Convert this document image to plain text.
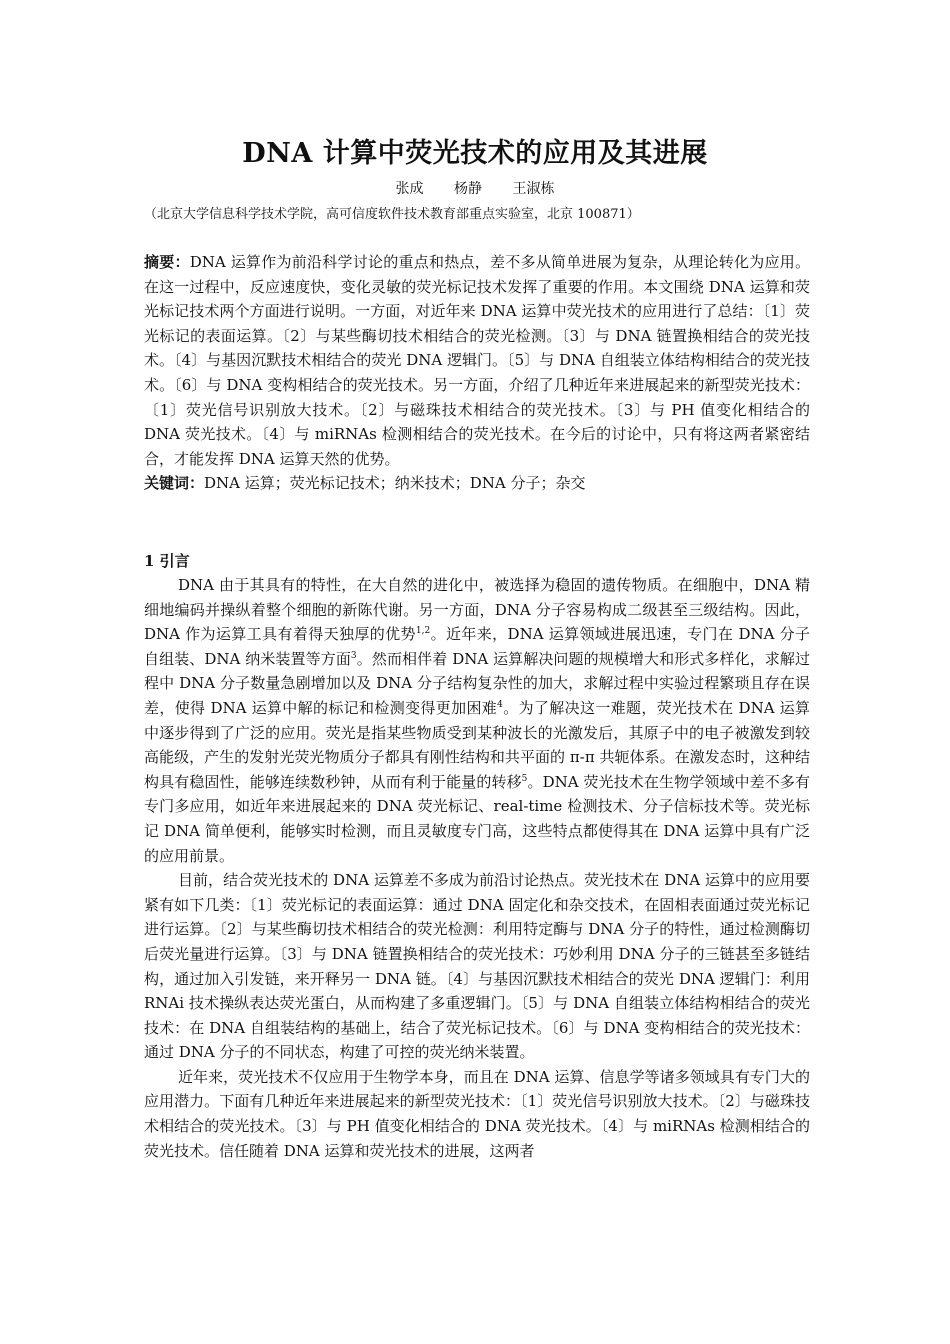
DNA 计算中荧光技术的应用及其进展
张成 杨静 王淑栋
（北京大学信息科学技术学院，高可信度软件技术教育部重点实验室，北京 100871）

摘要：DNA 运算作为前沿科学讨论的重点和热点，差不多从简单进展为复杂，从理论转化为应用。在这一过程中，反应速度快，变化灵敏的荧光标记技术发挥了重要的作用。本文围绕 DNA 运算和荧光标记技术两个方面进行说明。一方面，对近年来 DNA 运算中荧光技术的应用进行了总结：〔1〕荧光标记的表面运算。〔2〕与某些酶切技术相结合的荧光检测。〔3〕与 DNA 链置换相结合的荧光技术。〔4〕与基因沉默技术相结合的荧光 DNA 逻辑门。〔5〕与 DNA 自组装立体结构相结合的荧光技术。〔6〕与 DNA 变构相结合的荧光技术。另一方面，介绍了几种近年来进展起来的新型荧光技术：〔1〕荧光信号识别放大技术。〔2〕与磁珠技术相结合的荧光技术。〔3〕与 PH 值变化相结合的 DNA 荧光技术。〔4〕与 miRNAs 检测相结合的荧光技术。在今后的讨论中，只有将这两者紧密结合，才能发挥 DNA 运算天然的优势。

关键词：DNA 运算；荧光标记技术；纳米技术；DNA 分子；杂交

1 引言

DNA 由于其具有的特性，在大自然的进化中，被选择为稳固的遗传物质。在细胞中，DNA 精细地编码并操纵着整个细胞的新陈代谢。另一方面，DNA 分子容易构成二级甚至三级结构。因此，DNA 作为运算工具有着得天独厚的优势$^{1,2}$。近年来，DNA 运算领域进展迅速，专门在 DNA 分子自组装、DNA 纳米装置等方面$^3$。然而相伴着 DNA 运算解决问题的规模增大和形式多样化，求解过程中 DNA 分子数量急剧增加以及 DNA 分子结构复杂性的加大，求解过程中实验过程繁琐且存在误差，使得 DNA 运算中解的标记和检测变得更加困难$^4$。为了解决这一难题，荧光技术在 DNA 运算中逐步得到了广泛的应用。荧光是指某些物质受到某种波长的光激发后，其原子中的电子被激发到较高能级，产生的发射光荧光物质分子都具有刚性结构和共平面的 π-π 共轭体系。在激发态时，这种结构具有稳固性，能够连续数秒钟，从而有利于能量的转移$^5$。DNA 荧光技术在生物学领域中差不多有专门多应用，如近年来进展起来的 DNA 荧光标记、real-time 检测技术、分子信标技术等。荧光标记 DNA 简单便利，能够实时检测，而且灵敏度专门高，这些特点都使得其在 DNA 运算中具有广泛的应用前景。

目前，结合荧光技术的 DNA 运算差不多成为前沿讨论热点。荧光技术在 DNA 运算中的应用要紧有如下几类：〔1〕荧光标记的表面运算：通过 DNA 固定化和杂交技术，在固相表面通过荧光标记进行运算。〔2〕与某些酶切技术相结合的荧光检测：利用特定酶与 DNA 分子的特性，通过检测酶切后荧光量进行运算。〔3〕与 DNA 链置换相结合的荧光技术：巧妙利用 DNA 分子的三链甚至多链结构，通过加入引发链，来开释另一 DNA 链。〔4〕与基因沉默技术相结合的荧光 DNA 逻辑门：利用 RNAi 技术操纵表达荧光蛋白，从而构建了多重逻辑门。〔5〕与 DNA 自组装立体结构相结合的荧光技术：在 DNA 自组装结构的基础上，结合了荧光标记技术。〔6〕与 DNA 变构相结合的荧光技术：通过 DNA 分子的不同状态，构建了可控的荧光纳米装置。

近年来，荧光技术不仅应用于生物学本身，而且在 DNA 运算、信息学等诸多领域具有专门大的应用潜力。下面有几种近年来进展起来的新型荧光技术：〔1〕荧光信号识别放大技术。〔2〕与磁珠技术相结合的荧光技术。〔3〕与 PH 值变化相结合的 DNA 荧光技术。〔4〕与 miRNAs 检测相结合的荧光技术。信任随着 DNA 运算和荧光技术的进展，这两者
